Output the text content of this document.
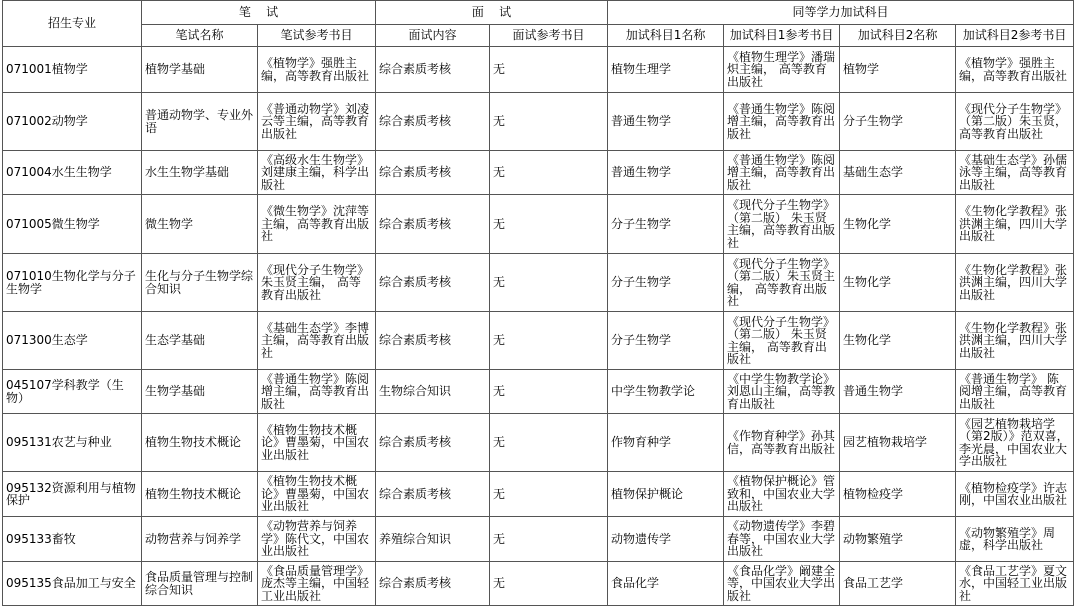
招生专业	笔    试		面    试		同等学力加试科目			
	笔试名称	笔试参考书目	面试内容	面试参考书目	加试科目1名称	加试科目1参考书目	加试科目2名称	加试科目2参考书目
071001植物学	植物学基础	《植物学》强胜主编，高等教育出版社	综合素质考核	无	植物生理学	《植物生理学》潘瑞炽主编， 高等教育出版社	植物学	《植物学》强胜主编，高等教育出版社
071002动物学	普通动物学、专业外语	《普通动物学》刘凌云等主编，高等教育出版社	综合素质考核	无	普通生物学	《普通生物学》陈阅增主编，高等教育出版社	分子生物学	《现代分子生物学》（第二版）朱玉贤，高等教育出版社
071004水生生物学	水生生物学基础	《高级水生生物学》刘建康主编，科学出版社	综合素质考核	无	普通生物学	《普通生物学》陈阅增主编，高等教育出版社	基础生态学	《基础生态学》孙儒泳等主编，高等教育出版社
071005微生物学	微生物学	《微生物学》沈萍等主编，高等教育出版社	综合素质考核	无	分子生物学	《现代分子生物学》（第二版） 朱玉贤主编，高等教育出版社	生物化学	《生物化学教程》张洪渊主编，四川大学出版社
071010生物化学与分子生物学	生化与分子生物学综合知识	《现代分子生物学》朱玉贤主编， 高等教育出版社	综合素质考核	无	分子生物学	《现代分子生物学》（第二版）朱玉贤主编， 高等教育出版社	生物化学	《生物化学教程》张洪渊主编，四川大学出版社
071300生态学	生态学基础	《基础生态学》李博主编，高等教育出版社	综合素质考核	无	分子生物学	《现代分子生物学》（第二版） 朱玉贤主编， 高等教育出版社	生物化学	《生物化学教程》张洪渊主编，四川大学出版社
045107学科教学（生物）	生物学基础	《普通生物学》陈阅增主编，高等教育出版社	生物综合知识	无	中学生物教学论	《中学生物教学论》刘恩山主编，高等教育出版社	普通生物学	《普通生物学》 陈阅增主编，高等教育出版社
095131农艺与种业	植物生物技术概论	《植物生物技术概论》曹墨菊，中国农业出版社	综合素质考核	无	作物育种学	《作物育种学》孙其信，高等教育出版社	园艺植物栽培学	《园艺植物栽培学（第2版）》范双喜，李光晨，中国农业大学出版社
095132资源利用与植物保护	植物生物技术概论	《植物生物技术概论》曹墨菊，中国农业出版社	综合素质考核	无	植物保护概论	《植物保护概论》管致和，中国农业大学出版社	植物检疫学	《植物检疫学》许志刚，中国农业出版社
095133畜牧	动物营养与饲养学	《动物营养与饲养学》陈代文，中国农业出版社	养殖综合知识	无	动物遗传学	《动物遗传学》李碧春等，中国农业大学出版社	动物繁殖学	《动物繁殖学》周虚，科学出版社
095135食品加工与安全	食品质量管理与控制综合知识	《食品质量管理学》庞杰等主编，中国轻工业出版社	综合素质考核	无	食品化学	《食品化学》阚建全等，中国农业大学出版社	食品工艺学	《食品工艺学》夏文水，中国轻工业出版社
